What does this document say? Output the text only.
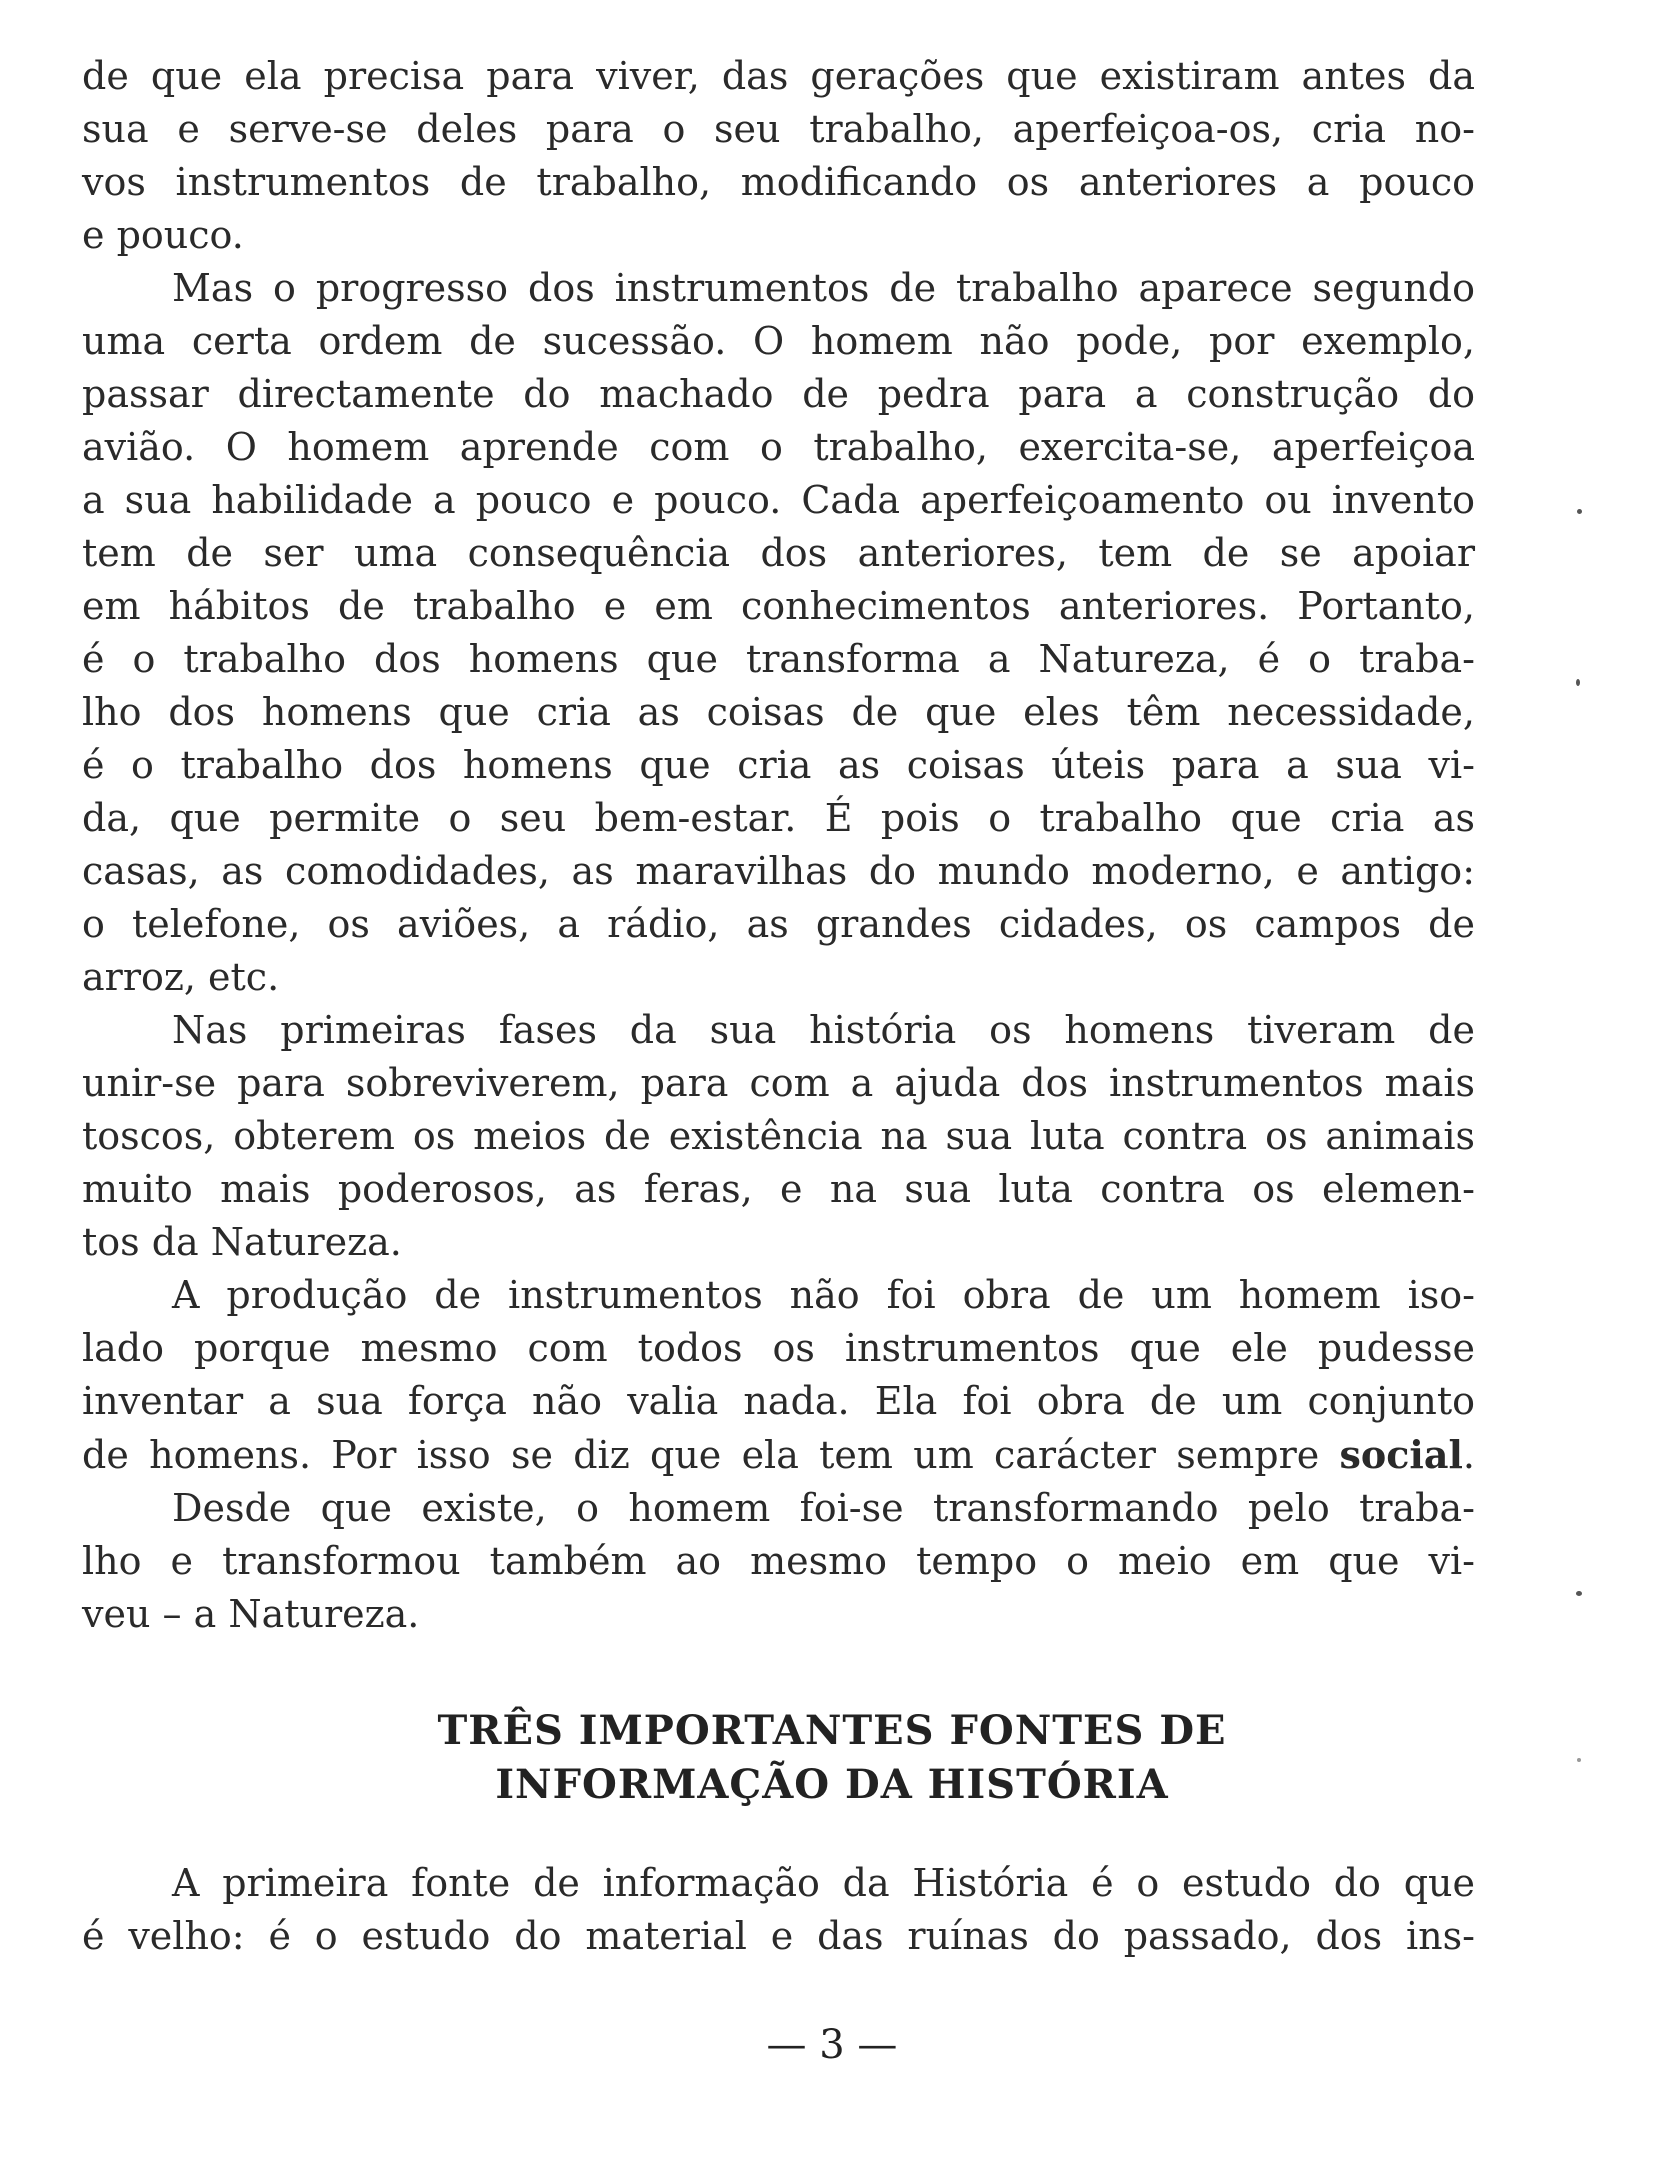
de que ela precisa para viver, das gerações que existiram antes da
sua e serve-se deles para o seu trabalho, aperfeiçoa-os, cria no-
vos instrumentos de trabalho, modificando os anteriores a pouco
e pouco.
Mas o progresso dos instrumentos de trabalho aparece segundo
uma certa ordem de sucessão. O homem não pode, por exemplo,
passar directamente do machado de pedra para a construção do
avião. O homem aprende com o trabalho, exercita-se, aperfeiçoa
a sua habilidade a pouco e pouco. Cada aperfeiçoamento ou invento
tem de ser uma consequência dos anteriores, tem de se apoiar
em hábitos de trabalho e em conhecimentos anteriores. Portanto,
é o trabalho dos homens que transforma a Natureza, é o traba-
lho dos homens que cria as coisas de que eles têm necessidade,
é o trabalho dos homens que cria as coisas úteis para a sua vi-
da, que permite o seu bem-estar. É pois o trabalho que cria as
casas, as comodidades, as maravilhas do mundo moderno, e antigo:
o telefone, os aviões, a rádio, as grandes cidades, os campos de
arroz, etc.
Nas primeiras fases da sua história os homens tiveram de
unir-se para sobreviverem, para com a ajuda dos instrumentos mais
toscos, obterem os meios de existência na sua luta contra os animais
muito mais poderosos, as feras, e na sua luta contra os elemen-
tos da Natureza.
A produção de instrumentos não foi obra de um homem iso-
lado porque mesmo com todos os instrumentos que ele pudesse
inventar a sua força não valia nada. Ela foi obra de um conjunto
de homens. Por isso se diz que ela tem um carácter sempre social.
Desde que existe, o homem foi-se transformando pelo traba-
lho e transformou também ao mesmo tempo o meio em que vi-
veu – a Natureza.
TRÊS IMPORTANTES FONTES DE
INFORMAÇÃO DA HISTÓRIA
A primeira fonte de informação da História é o estudo do que
é velho: é o estudo do material e das ruínas do passado, dos ins-
— 3 —
